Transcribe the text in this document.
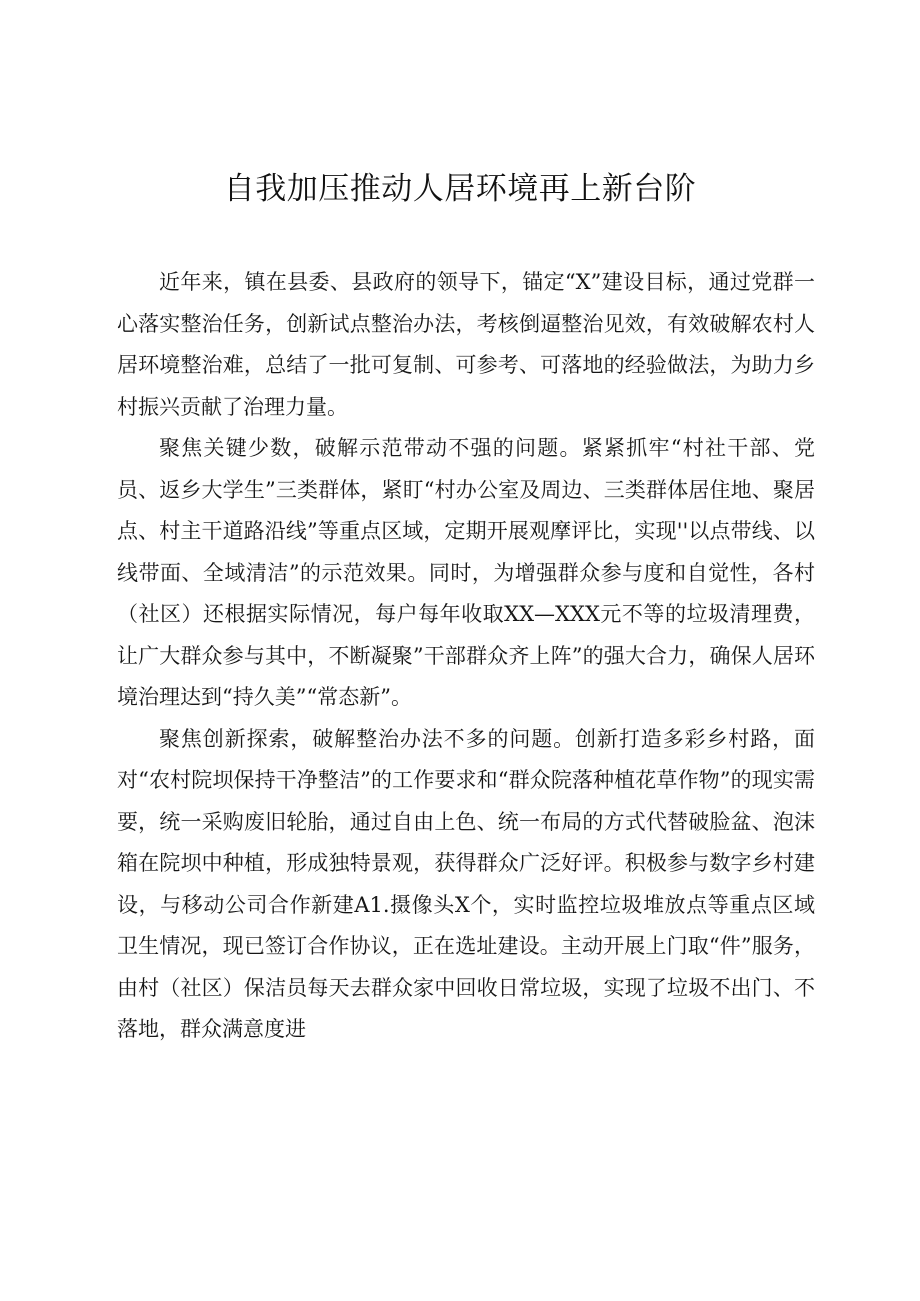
自我加压推动人居环境再上新台阶

近年来，镇在县委、县政府的领导下，锚定“X”建设目标，通过党群一心落实整治任务，创新试点整治办法，考核倒逼整治见效，有效破解农村人居环境整治难，总结了一批可复制、可参考、可落地的经验做法，为助力乡村振兴贡献了治理力量。

聚焦关键少数，破解示范带动不强的问题。紧紧抓牢“村社干部、党员、返乡大学生”三类群体，紧盯“村办公室及周边、三类群体居住地、聚居点、村主干道路沿线”等重点区域，定期开展观摩评比，实现''以点带线、以线带面、全域清洁”的示范效果。同时，为增强群众参与度和自觉性，各村（社区）还根据实际情况，每户每年收取XX—XXX元不等的垃圾清理费，让广大群众参与其中，不断凝聚”干部群众齐上阵”的强大合力，确保人居环境治理达到“持久美”“常态新”。

聚焦创新探索，破解整治办法不多的问题。创新打造多彩乡村路，面对“农村院坝保持干净整洁”的工作要求和“群众院落种植花草作物”的现实需要，统一采购废旧轮胎，通过自由上色、统一布局的方式代替破脸盆、泡沫箱在院坝中种植，形成独特景观，获得群众广泛好评。积极参与数字乡村建设，与移动公司合作新建A1.摄像头X个，实时监控垃圾堆放点等重点区域卫生情况，现已签订合作协议，正在选址建设。主动开展上门取“件”服务，由村（社区）保洁员每天去群众家中回收日常垃圾，实现了垃圾不出门、不落地，群众满意度进
